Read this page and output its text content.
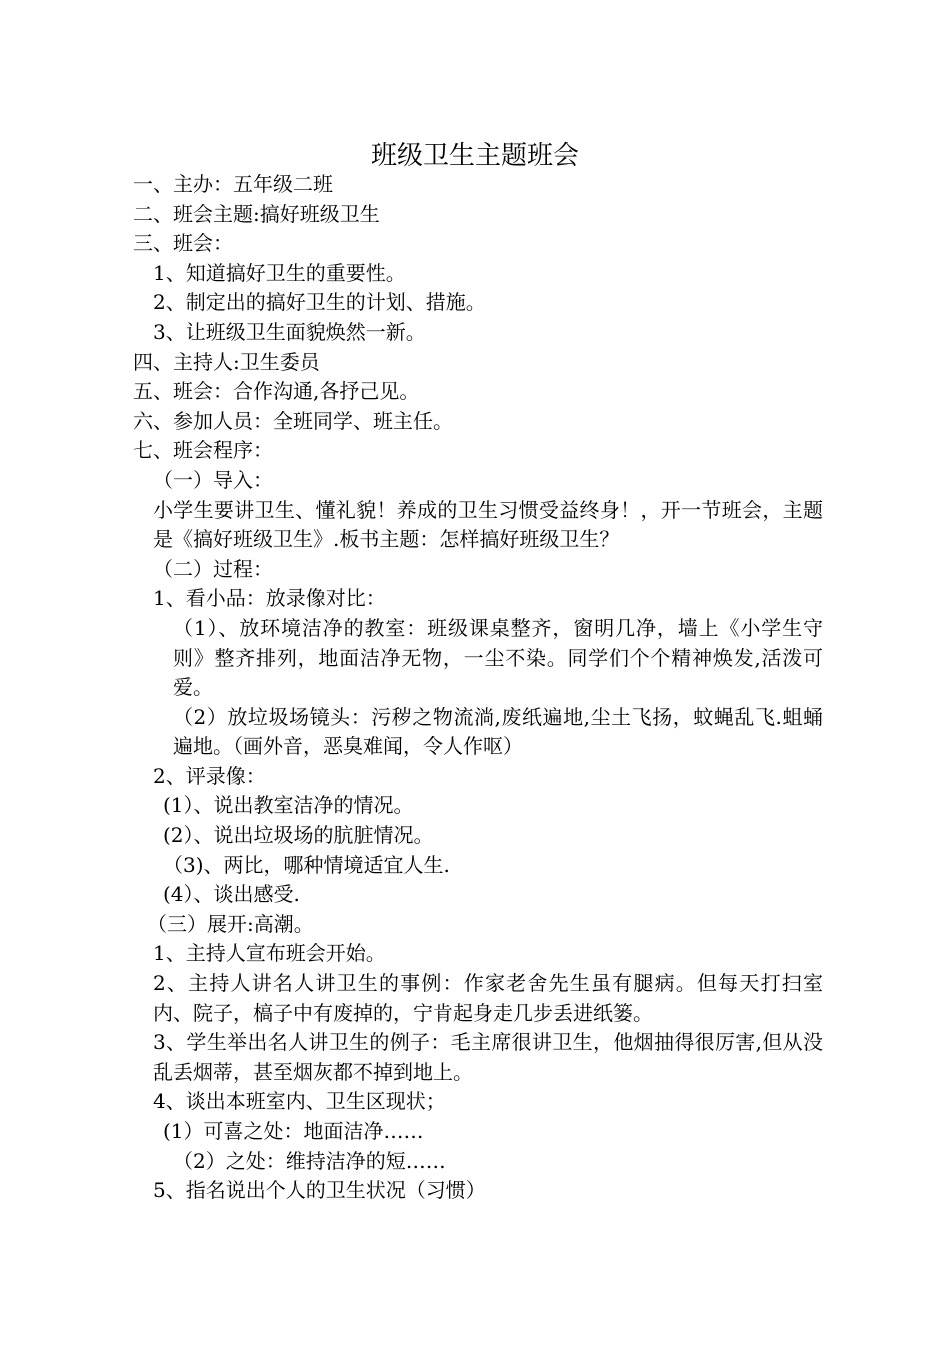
班级卫生主题班会
一、主办：五年级二班
二、班会主题:搞好班级卫生
三、班会：
1、知道搞好卫生的重要性。
2、制定出的搞好卫生的计划、措施。
3、让班级卫生面貌焕然一新。
四、主持人:卫生委员
五、班会：合作沟通,各抒己见。
六、参加人员：全班同学、班主任。
七、班会程序：
（一）导入：
小学生要讲卫生、懂礼貌！养成的卫生习惯受益终身！，开一节班会，主题是《搞好班级卫生》.板书主题：怎样搞好班级卫生？
（二）过程：
1、看小品：放录像对比：
（1）、放环境洁净的教室：班级课桌整齐，窗明几净，墙上《小学生守则》整齐排列，地面洁净无物，一尘不染。同学们个个精神焕发,活泼可爱。
（2）放垃圾场镜头：污秽之物流淌,废纸遍地,尘土飞扬，蚊蝇乱飞.蛆蛹遍地。（画外音，恶臭难闻，令人作呕）
2、评录像：
(1）、说出教室洁净的情况。
(2）、说出垃圾场的肮脏情况。
（3)、两比，哪种情境适宜人生.
(4）、谈出感受.
（三）展开:高潮。
1、主持人宣布班会开始。
2、主持人讲名人讲卫生的事例：作家老舍先生虽有腿病。但每天打扫室内、院子，槁子中有废掉的，宁肯起身走几步丢进纸篓。
3、学生举出名人讲卫生的例子：毛主席很讲卫生，他烟抽得很厉害,但从没乱丢烟蒂，甚至烟灰都不掉到地上。
4、谈出本班室内、卫生区现状；
(1）可喜之处：地面洁净……
（2）之处：维持洁净的短……
5、指名说出个人的卫生状况（习惯）
